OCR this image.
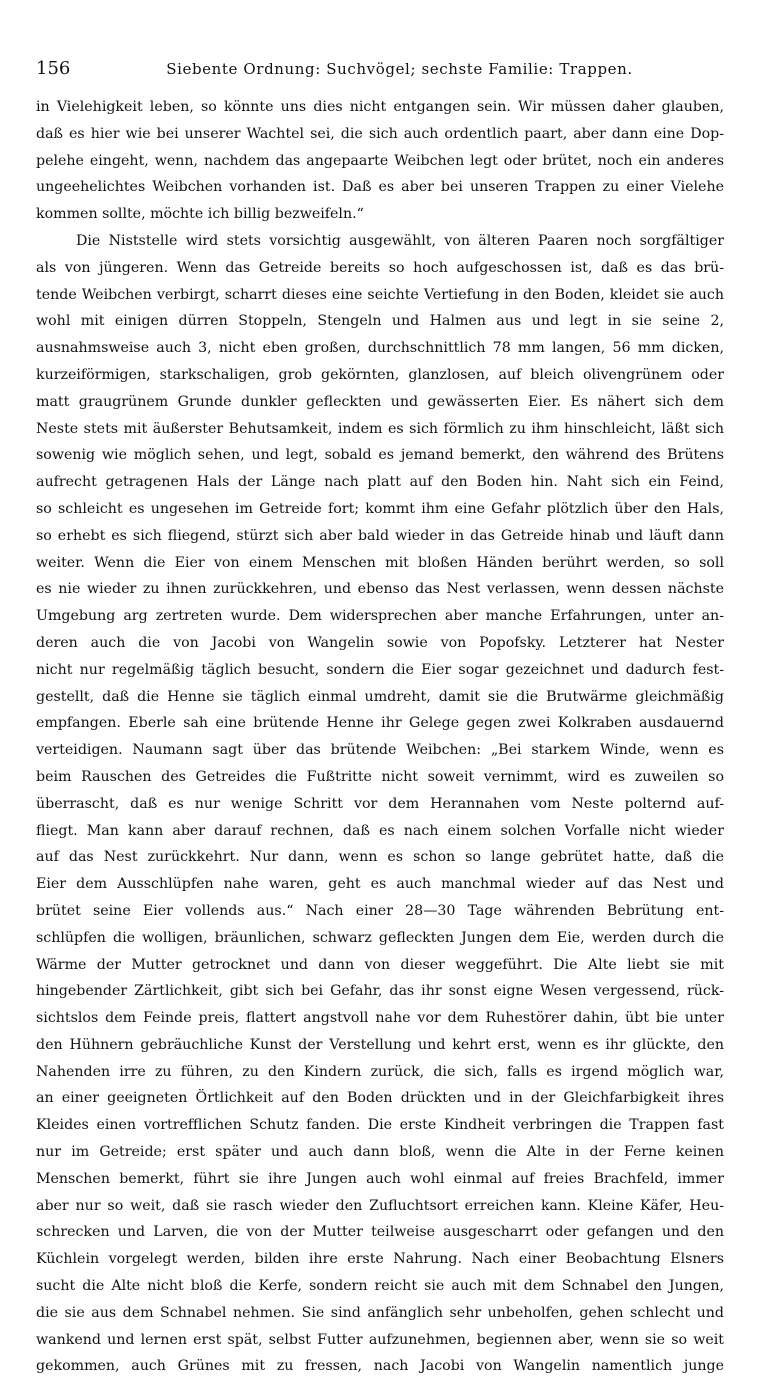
156	Siebente Ordnung: Suchvögel; sechste Familie: Trappen.
in Vielehigkeit leben, so könnte uns dies nicht entgangen sein. Wir müssen daher glauben,
daß es hier wie bei unserer Wachtel sei, die sich auch ordentlich paart, aber dann eine Dop-
pelehe eingeht, wenn, nachdem das angepaarte Weibchen legt oder brütet, noch ein anderes
ungeehelichtes Weibchen vorhanden ist. Daß es aber bei unseren Trappen zu einer Vielehe
kommen sollte, möchte ich billig bezweifeln.“
Die Niststelle wird stets vorsichtig ausgewählt, von älteren Paaren noch sorgfältiger
als von jüngeren. Wenn das Getreide bereits so hoch aufgeschossen ist, daß es das brü-
tende Weibchen verbirgt, scharrt dieses eine seichte Vertiefung in den Boden, kleidet sie auch
wohl mit einigen dürren Stoppeln, Stengeln und Halmen aus und legt in sie seine 2,
ausnahmsweise auch 3, nicht eben großen, durchschnittlich 78 mm langen, 56 mm dicken,
kurzeiförmigen, starkschaligen, grob gekörnten, glanzlosen, auf bleich olivengrünem oder
matt graugrünem Grunde dunkler gefleckten und gewässerten Eier. Es nähert sich dem
Neste stets mit äußerster Behutsamkeit, indem es sich förmlich zu ihm hinschleicht, läßt sich
sowenig wie möglich sehen, und legt, sobald es jemand bemerkt, den während des Brütens
aufrecht getragenen Hals der Länge nach platt auf den Boden hin. Naht sich ein Feind,
so schleicht es ungesehen im Getreide fort; kommt ihm eine Gefahr plötzlich über den Hals,
so erhebt es sich fliegend, stürzt sich aber bald wieder in das Getreide hinab und läuft dann
weiter. Wenn die Eier von einem Menschen mit bloßen Händen berührt werden, so soll
es nie wieder zu ihnen zurückkehren, und ebenso das Nest verlassen, wenn dessen nächste
Umgebung arg zertreten wurde. Dem widersprechen aber manche Erfahrungen, unter an-
deren auch die von Jacobi von Wangelin sowie von Popofsky. Letzterer hat Nester
nicht nur regelmäßig täglich besucht, sondern die Eier sogar gezeichnet und dadurch fest-
gestellt, daß die Henne sie täglich einmal umdreht, damit sie die Brutwärme gleichmäßig
empfangen. Eberle sah eine brütende Henne ihr Gelege gegen zwei Kolkraben ausdauernd
verteidigen. Naumann sagt über das brütende Weibchen: „Bei starkem Winde, wenn es
beim Rauschen des Getreides die Fußtritte nicht soweit vernimmt, wird es zuweilen so
überrascht, daß es nur wenige Schritt vor dem Herannahen vom Neste polternd auf-
fliegt. Man kann aber darauf rechnen, daß es nach einem solchen Vorfalle nicht wieder
auf das Nest zurückkehrt. Nur dann, wenn es schon so lange gebrütet hatte, daß die
Eier dem Ausschlüpfen nahe waren, geht es auch manchmal wieder auf das Nest und
brütet seine Eier vollends aus.“ Nach einer 28—30 Tage währenden Bebrütung ent-
schlüpfen die wolligen, bräunlichen, schwarz gefleckten Jungen dem Eie, werden durch die
Wärme der Mutter getrocknet und dann von dieser weggeführt. Die Alte liebt sie mit
hingebender Zärtlichkeit, gibt sich bei Gefahr, das ihr sonst eigne Wesen vergessend, rück-
sichtslos dem Feinde preis, flattert angstvoll nahe vor dem Ruhestörer dahin, übt bie unter
den Hühnern gebräuchliche Kunst der Verstellung und kehrt erst, wenn es ihr glückte, den
Nahenden irre zu führen, zu den Kindern zurück, die sich, falls es irgend möglich war,
an einer geeigneten Örtlichkeit auf den Boden drückten und in der Gleichfarbigkeit ihres
Kleides einen vortrefflichen Schutz fanden. Die erste Kindheit verbringen die Trappen fast
nur im Getreide; erst später und auch dann bloß, wenn die Alte in der Ferne keinen
Menschen bemerkt, führt sie ihre Jungen auch wohl einmal auf freies Brachfeld, immer
aber nur so weit, daß sie rasch wieder den Zufluchtsort erreichen kann. Kleine Käfer, Heu-
schrecken und Larven, die von der Mutter teilweise ausgescharrt oder gefangen und den
Küchlein vorgelegt werden, bilden ihre erste Nahrung. Nach einer Beobachtung Elsners
sucht die Alte nicht bloß die Kerfe, sondern reicht sie auch mit dem Schnabel den Jungen,
die sie aus dem Schnabel nehmen. Sie sind anfänglich sehr unbeholfen, gehen schlecht und
wankend und lernen erst spät, selbst Futter aufzunehmen, begiennen aber, wenn sie so weit
gekommen, auch Grünes mit zu fressen, nach Jacobi von Wangelin namentlich junge
